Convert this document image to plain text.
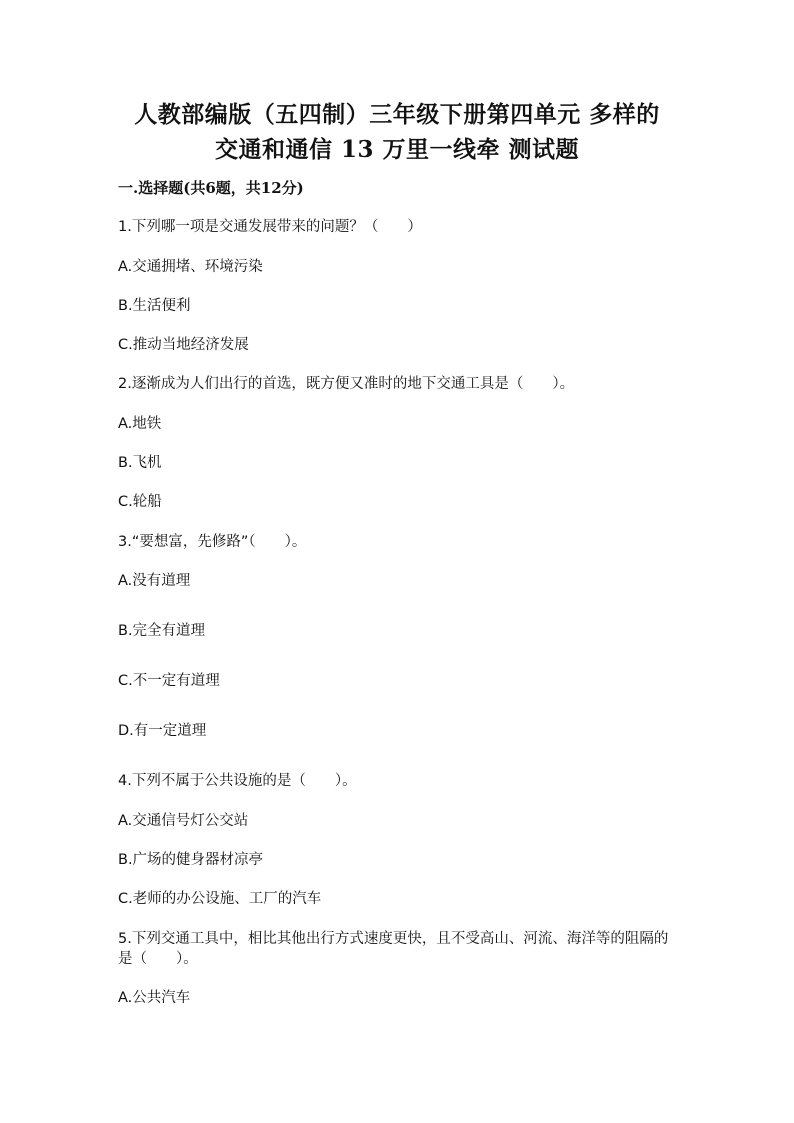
人教部编版（五四制）三年级下册第四单元 多样的
交通和通信 13 万里一线牵 测试题
一.选择题(共6题，共12分)
1.下列哪一项是交通发展带来的问题？（　　）
A.交通拥堵、环境污染
B.生活便利
C.推动当地经济发展
2.逐渐成为人们出行的首选，既方便又准时的地下交通工具是（　　）。
A.地铁
B.飞机
C.轮船
3.“要想富，先修路”（　　）。
A.没有道理
B.完全有道理
C.不一定有道理
D.有一定道理
4.下列不属于公共设施的是（　　）。
A.交通信号灯公交站
B.广场的健身器材凉亭
C.老师的办公设施、工厂的汽车
5.下列交通工具中，相比其他出行方式速度更快，且不受高山、河流、海洋等的阻隔的是（　　）。
A.公共汽车
